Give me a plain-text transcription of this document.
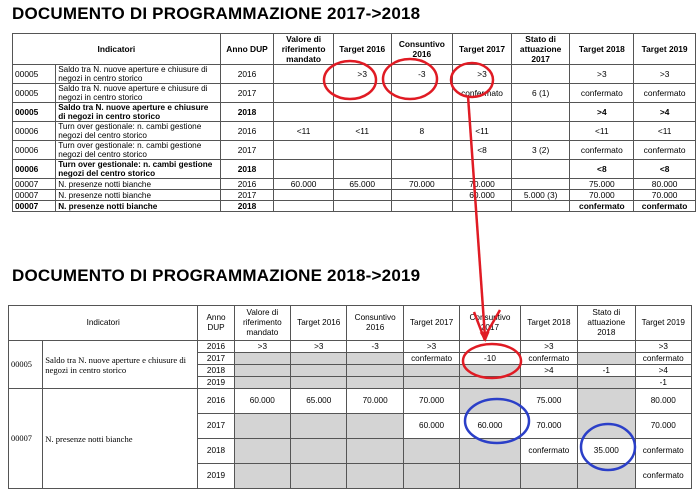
DOCUMENTO DI PROGRAMMAZIONE 2017->2018
Indicatori		Anno DUP	Valore di riferimento mandato	Target 2016	Consuntivo 2016	Target 2017	Stato di attuazione 2017	Target 2018	Target 2019
00005	Saldo tra N. nuove aperture e chiusure di negozi in centro storico	2016		>3	-3	>3		>3	>3
00005	Saldo tra N. nuove aperture e chiusure di negozi in centro storico	2017				confermato	6 (1)	confermato	confermato
00005	Saldo tra N. nuove aperture e chiusure di negozi in centro storico	2018						>4	>4
00006	Turn over gestionale: n. cambi gestione negozi del centro storico	2016	<11	<11	8	<11		<11	<11
00006	Turn over gestionale: n. cambi gestione negozi del centro storico	2017				<8	3 (2)	confermato	confermato
00006	Turn over gestionale: n. cambi gestione negozi del centro storico	2018						<8	<8
00007	N. presenze notti bianche	2016	60.000	65.000	70.000	70.000		75.000	80.000
00007	N. presenze notti bianche	2017				60.000	5.000 (3)	70.000	70.000
00007	N. presenze notti bianche	2018						confermato	confermato
DOCUMENTO DI PROGRAMMAZIONE 2018->2019
Indicatori		Anno DUP	Valore di riferimento mandato	Target 2016	Consuntivo 2016	Target 2017	Consuntivo 2017	Target 2018	Stato di attuazione 2018	Target 2019
00005	Saldo tra N. nuove aperture e chiusure di negozi in centro storico	2016	>3	>3	-3	>3		>3		>3
		2017				confermato	-10	confermato		confermato
		2018						>4	-1	>4
		2019								-1
00007	N. presenze notti bianche	2016	60.000	65.000	70.000	70.000		75.000		80.000
		2017				60.000	60.000	70.000		70.000
		2018						confermato	35.000	confermato
		2019								confermato
